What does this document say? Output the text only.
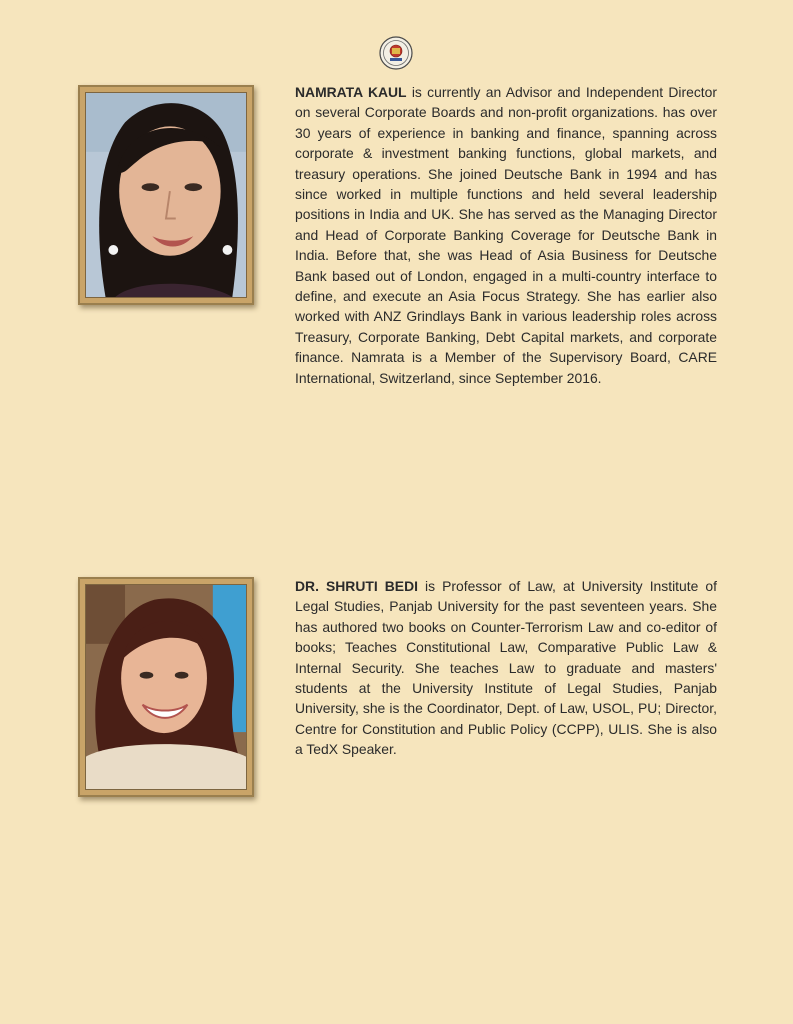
NAMRATA KAUL is currently an Advisor and Independent Director on several Corporate Boards and non-profit organizations. has over 30 years of experience in banking and finance, spanning across corporate & investment banking functions, global markets, and treasury operations. She joined Deutsche Bank in 1994 and has since worked in multiple functions and held several leadership positions in India and UK. She has served as the Managing Director and Head of Corporate Banking Coverage for Deutsche Bank in India. Before that, she was Head of Asia Business for Deutsche Bank based out of London, engaged in a multi-country interface to define, and execute an Asia Focus Strategy. She has earlier also worked with ANZ Grindlays Bank in various leadership roles across Treasury, Corporate Banking, Debt Capital markets, and corporate finance. Namrata is a Member of the Supervisory Board, CARE International, Switzerland, since September 2016.

DR. SHRUTI BEDI is Professor of Law, at University Institute of Legal Studies, Panjab University for the past seventeen years. She has authored two books on Counter-Terrorism Law and co-editor of books; Teaches Constitutional Law, Comparative Public Law & Internal Security. She teaches Law to graduate and masters' students at the University Institute of Legal Studies, Panjab University, she is the Coordinator, Dept. of Law, USOL, PU; Director, Centre for Constitution and Public Policy (CCPP), ULIS. She is also a TedX Speaker.
